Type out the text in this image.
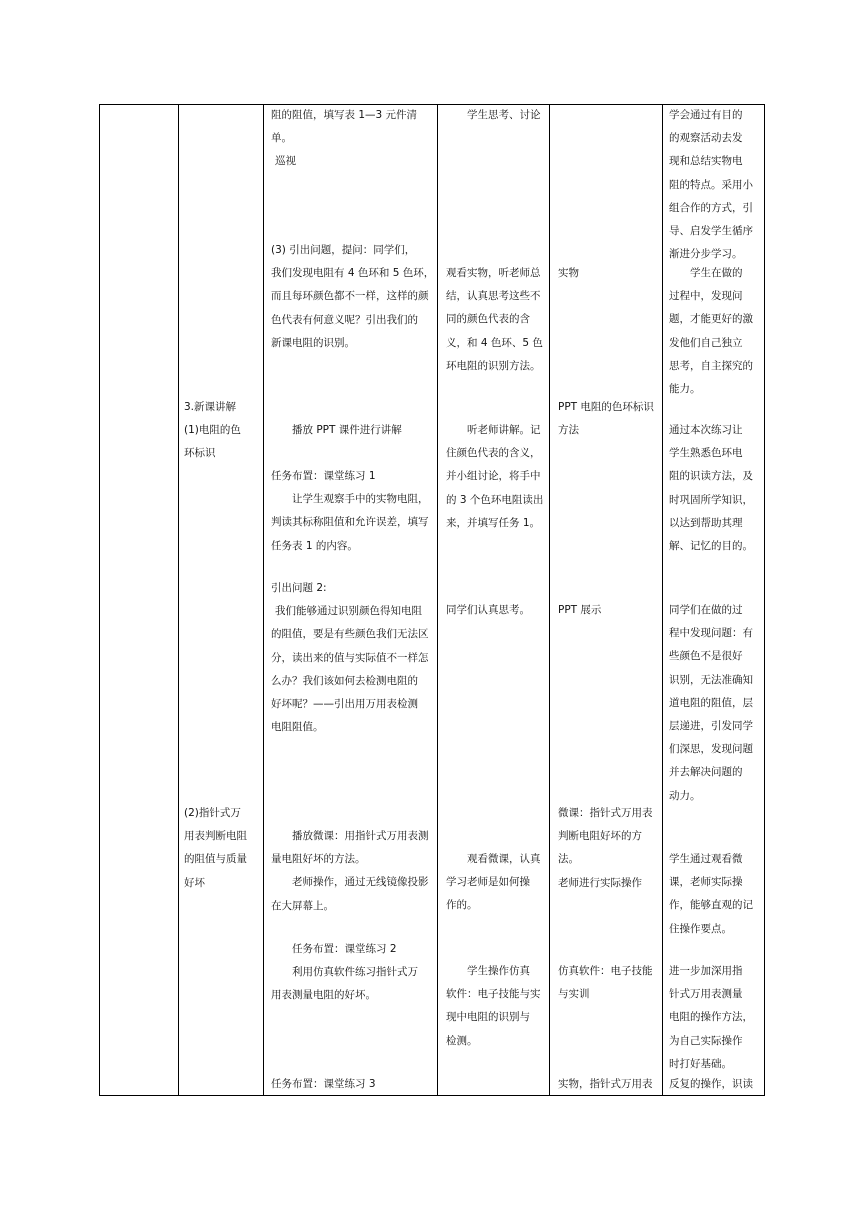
3.新课讲解

(1)电阻的色

环标识

(2)指针式万

用表判断电阻

的阻值与质量

好坏

阻的阻值，填写表 1—3 元件清单。

巡视

(3) 引出问题，提问：同学们，

我们发现电阻有 4 色环和 5 色环，

而且每环颜色都不一样，这样的颜

色代表有何意义呢？引出我们的

新课电阻的识别。

播放 PPT 课件进行讲解

任务布置：课堂练习 1

让学生观察手中的实物电阻，

判读其标称阻值和允许误差，填写

任务表 1 的内容。

引出问题 2:

我们能够通过识别颜色得知电阻

的阻值，要是有些颜色我们无法区

分，读出来的值与实际值不一样怎

么办？我们该如何去检测电阻的

好坏呢？——引出用万用表检测

电阻阻值。

播放微课：用指针式万用表测

量电阻好坏的方法。

老师操作，通过无线镜像投影

在大屏幕上。

任务布置：课堂练习 2

利用仿真软件练习指针式万

用表测量电阻的好坏。

任务布置：课堂练习 3

学生思考、讨论

观看实物，听老师总

结，认真思考这些不

同的颜色代表的含

义，和 4 色环、5 色

环电阻的识别方法。

听老师讲解。记

住颜色代表的含义，

并小组讨论，将手中

的 3 个色环电阻读出

来，并填写任务 1。

同学们认真思考。

观看微课，认真

学习老师是如何操

作的。

学生操作仿真

软件：电子技能与实

现中电阻的识别与

检测。

实物

PPT 电阻的色环标识

方法

PPT 展示

微课：指针式万用表

判断电阻好坏的方

法。

老师进行实际操作

仿真软件：电子技能

与实训

实物，指针式万用表

学会通过有目的

的观察活动去发

现和总结实物电

阻的特点。采用小

组合作的方式，引

导、启发学生循序

渐进分步学习。

学生在做的

过程中，发现问

题，才能更好的激

发他们自己独立

思考，自主探究的

能力。

通过本次练习让

学生熟悉色环电

阻的识读方法，及

时巩固所学知识，

以达到帮助其理

解、记忆的目的。

同学们在做的过

程中发现问题：有

些颜色不是很好

识别，无法准确知

道电阻的阻值，层

层递进，引发同学

们深思，发现问题

并去解决问题的

动力。

学生通过观看微

课，老师实际操

作，能够直观的记

住操作要点。

进一步加深用指

针式万用表测量

电阻的操作方法，

为自己实际操作

时打好基础。

反复的操作，识读
